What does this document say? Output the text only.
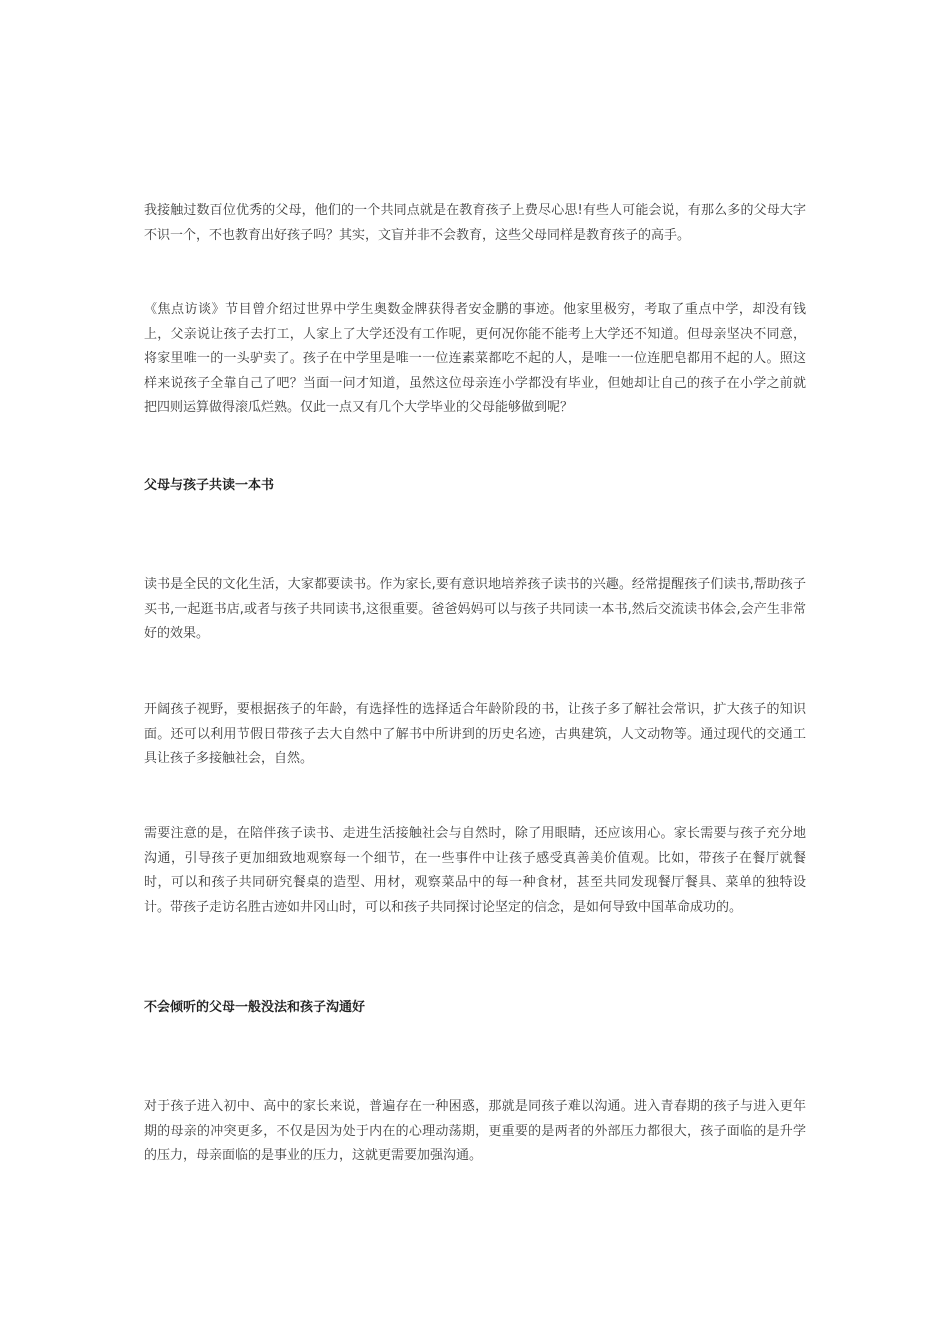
我接触过数百位优秀的父母，他们的一个共同点就是在教育孩子上费尽心思!有些人可能会说，有那么多的父母大字不识一个，不也教育出好孩子吗？其实，文盲并非不会教育，这些父母同样是教育孩子的高手。

《焦点访谈》节目曾介绍过世界中学生奥数金牌获得者安金鹏的事迹。他家里极穷，考取了重点中学，却没有钱上，父亲说让孩子去打工，人家上了大学还没有工作呢，更何况你能不能考上大学还不知道。但母亲坚决不同意，将家里唯一的一头驴卖了。孩子在中学里是唯一一位连素菜都吃不起的人，是唯一一位连肥皂都用不起的人。照这样来说孩子全靠自己了吧？当面一问才知道，虽然这位母亲连小学都没有毕业，但她却让自己的孩子在小学之前就把四则运算做得滚瓜烂熟。仅此一点又有几个大学毕业的父母能够做到呢？

父母与孩子共读一本书

读书是全民的文化生活，大家都要读书。作为家长,要有意识地培养孩子读书的兴趣。经常提醒孩子们读书,帮助孩子买书,一起逛书店,或者与孩子共同读书,这很重要。爸爸妈妈可以与孩子共同读一本书,然后交流读书体会,会产生非常好的效果。

开阔孩子视野，要根据孩子的年龄，有选择性的选择适合年龄阶段的书，让孩子多了解社会常识，扩大孩子的知识面。还可以利用节假日带孩子去大自然中了解书中所讲到的历史名迹，古典建筑，人文动物等。通过现代的交通工具让孩子多接触社会，自然。

需要注意的是，在陪伴孩子读书、走进生活接触社会与自然时，除了用眼睛，还应该用心。家长需要与孩子充分地沟通，引导孩子更加细致地观察每一个细节，在一些事件中让孩子感受真善美价值观。比如，带孩子在餐厅就餐时，可以和孩子共同研究餐桌的造型、用材，观察菜品中的每一种食材，甚至共同发现餐厅餐具、菜单的独特设计。带孩子走访名胜古迹如井冈山时，可以和孩子共同探讨论坚定的信念，是如何导致中国革命成功的。

不会倾听的父母一般没法和孩子沟通好

对于孩子进入初中、高中的家长来说，普遍存在一种困惑，那就是同孩子难以沟通。进入青春期的孩子与进入更年期的母亲的冲突更多，不仅是因为处于内在的心理动荡期，更重要的是两者的外部压力都很大，孩子面临的是升学的压力，母亲面临的是事业的压力，这就更需要加强沟通。
